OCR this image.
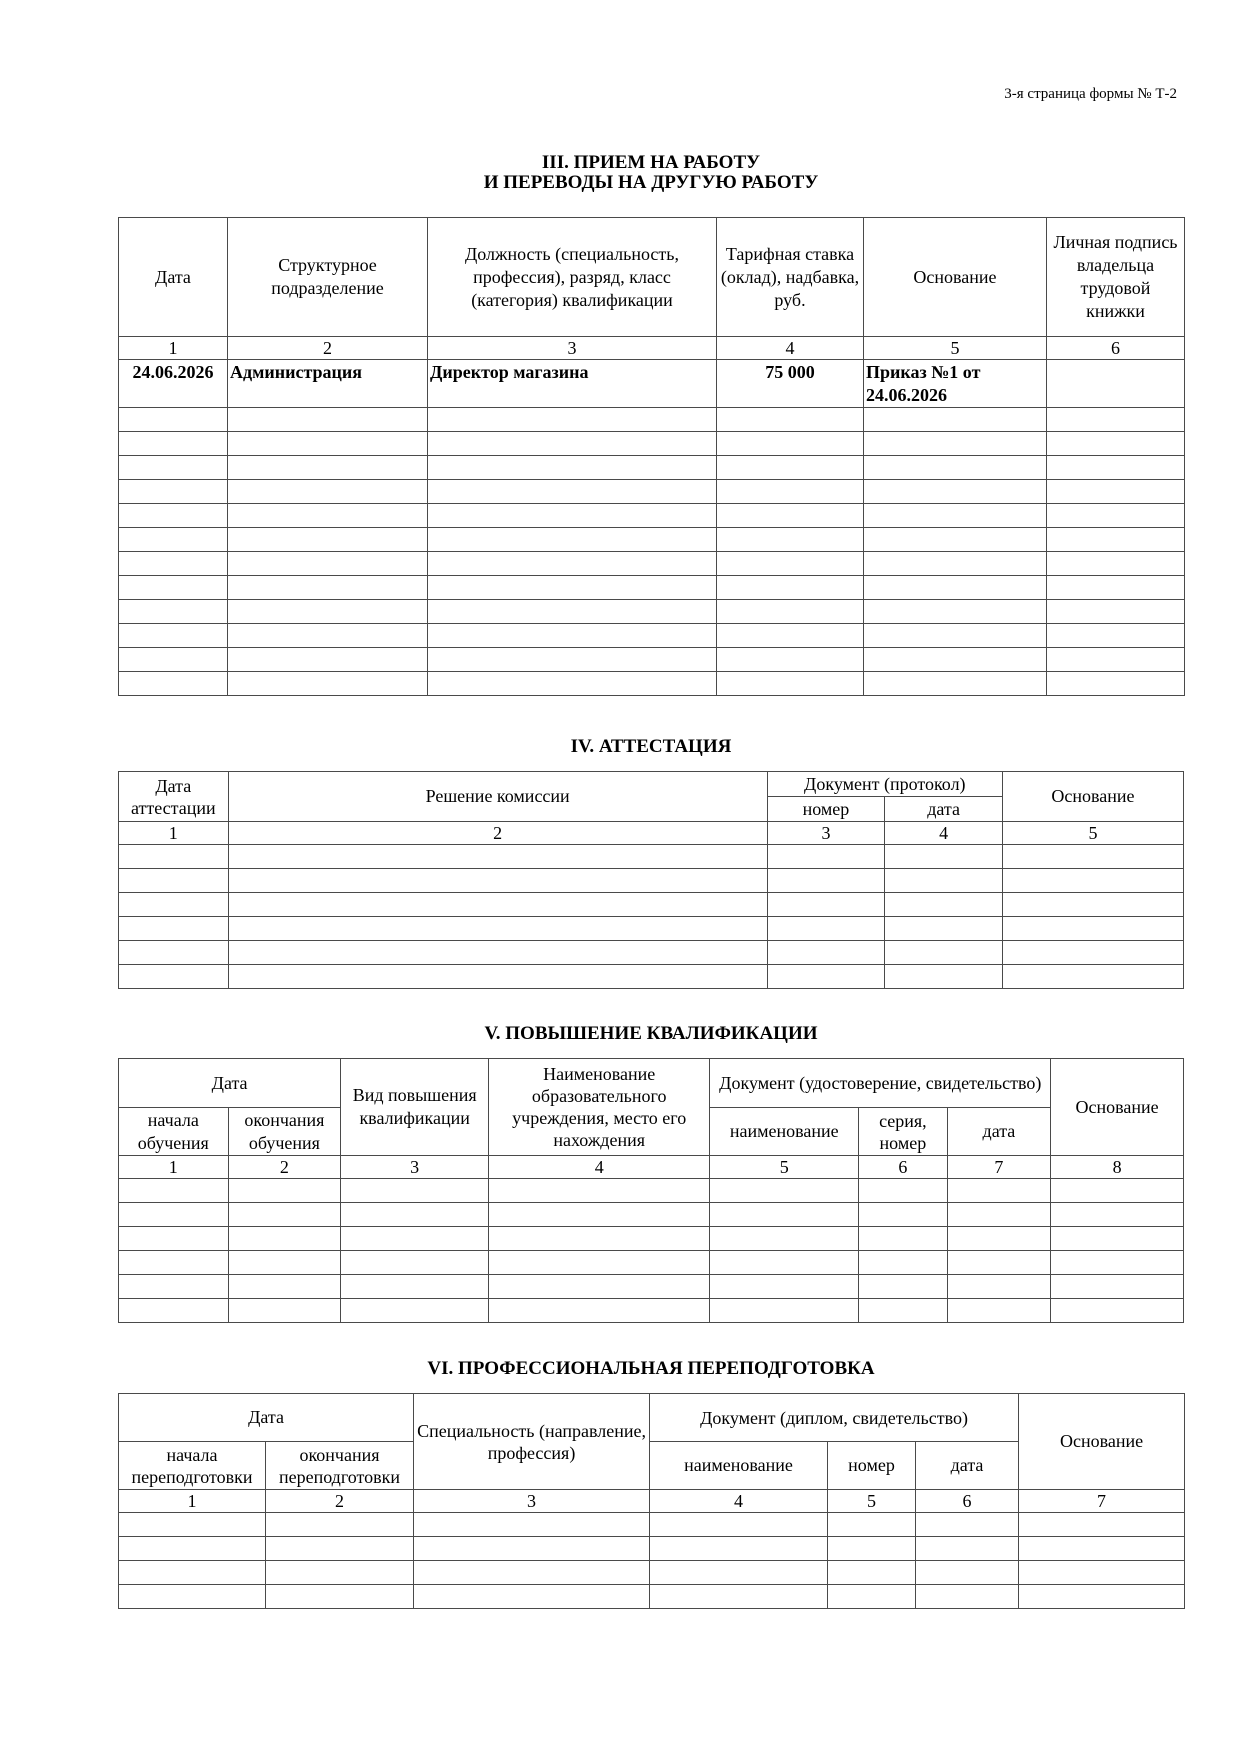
3-я страница формы № Т-2
III. ПРИЕМ НА РАБОТУ
И ПЕРЕВОДЫ НА ДРУГУЮ РАБОТУ
Дата	Структурное подразделение	Должность (специальность, профессия), разряд, класс (категория) квалификации	Тарифная ставка (оклад), надбавка, руб.	Основание	Личная подпись владельца трудовой книжки
1	2	3	4	5	6
24.06.2026	Администрация	Директор магазина	75 000	Приказ №1 от 24.06.2026	

IV. АТТЕСТАЦИЯ
Дата аттестации	Решение комиссии	Документ (протокол)		Основание
		номер	дата	
1	2	3	4	5

V. ПОВЫШЕНИЕ КВАЛИФИКАЦИИ
Дата		Вид повышения квалификации	Наименование образовательного учреждения, место его нахождения	Документ (удостоверение, свидетельство)			Основание
начала обучения	окончания обучения			наименование	серия, номер	дата	
1	2	3	4	5	6	7	8

VI. ПРОФЕССИОНАЛЬНАЯ ПЕРЕПОДГОТОВКА
Дата		Специальность (направление, профессия)	Документ (диплом, свидетельство)			Основание
начала переподготовки	окончания переподготовки		наименование	номер	дата	
1	2	3	4	5	6	7
